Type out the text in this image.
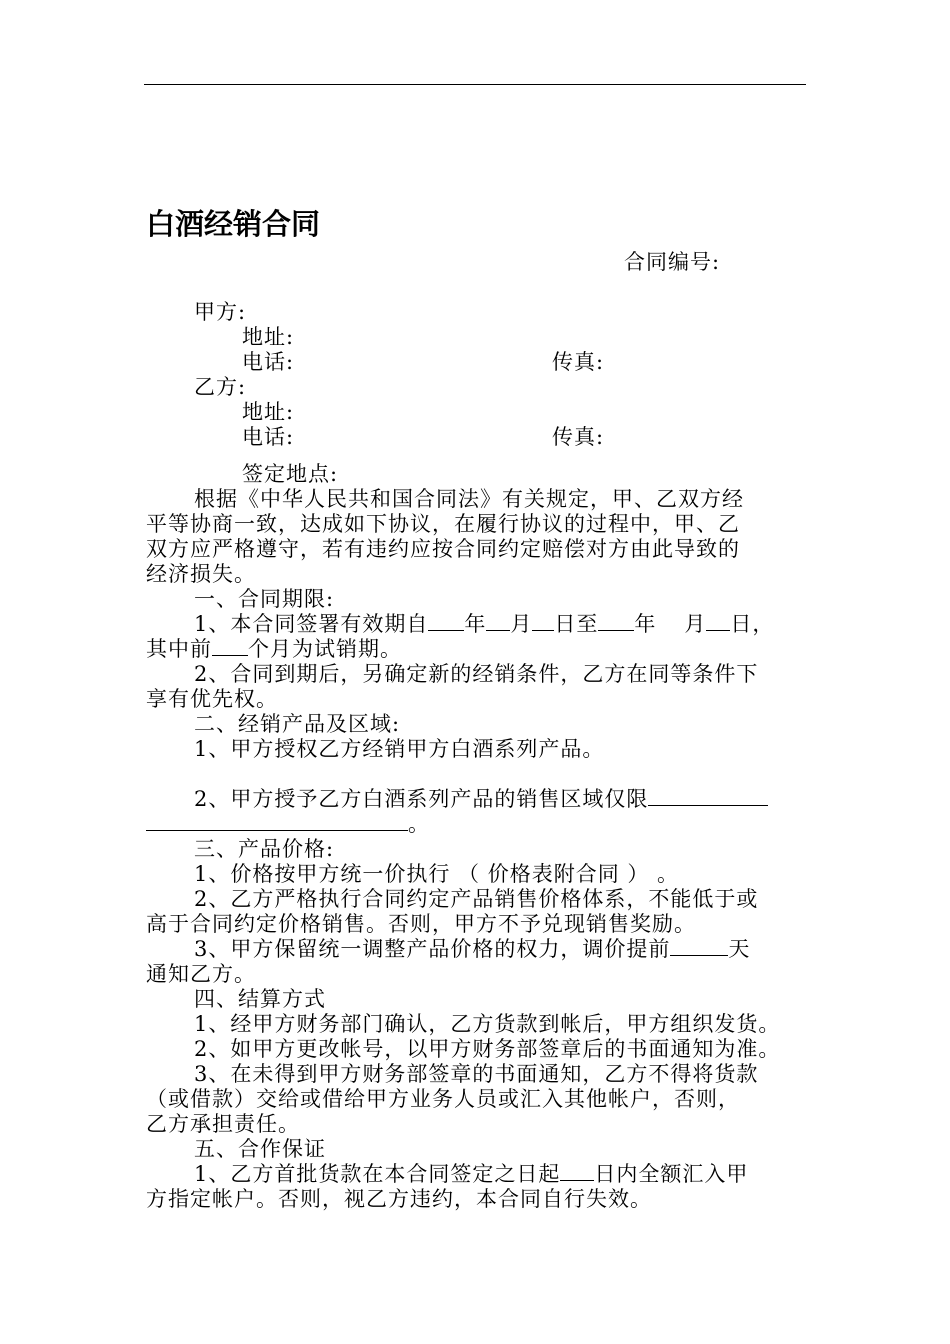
白酒经销合同
合同编号:
甲方:
地址:
电话:	传真:
乙方:
地址:
电话:	传真:
签定地点:
根据《中华人民共和国合同法》有关规定，甲、乙双方经
平等协商一致，达成如下协议，在履行协议的过程中，甲、乙
双方应严格遵守，若有违约应按合同约定赔偿对方由此导致的
经济损失。
一、合同期限:
1、本合同签署有效期自 年 月 日至 年 月 日，
其中前 个月为试销期。
2、合同到期后，另确定新的经销条件，乙方在同等条件下
享有优先权。
二、经销产品及区域:
1、甲方授权乙方经销甲方白酒系列产品。
2、甲方授予乙方白酒系列产品的销售区域仅限
。
三、产品价格:
1、价格按甲方统一价执行 （ 价格表附合同 ） 。
2、乙方严格执行合同约定产品销售价格体系，不能低于或
高于合同约定价格销售。否则，甲方不予兑现销售奖励。
3、甲方保留统一调整产品价格的权力，调价提前	天
通知乙方。
四、结算方式
1、经甲方财务部门确认，乙方货款到帐后，甲方组织发货。
2、如甲方更改帐号，以甲方财务部签章后的书面通知为准。
3、在未得到甲方财务部签章的书面通知，乙方不得将货款
（或借款）交给或借给甲方业务人员或汇入其他帐户，否则，
乙方承担责任。
五、合作保证
1、乙方首批货款在本合同签定之日起 日内全额汇入甲
方指定帐户。否则，视乙方违约，本合同自行失效。
